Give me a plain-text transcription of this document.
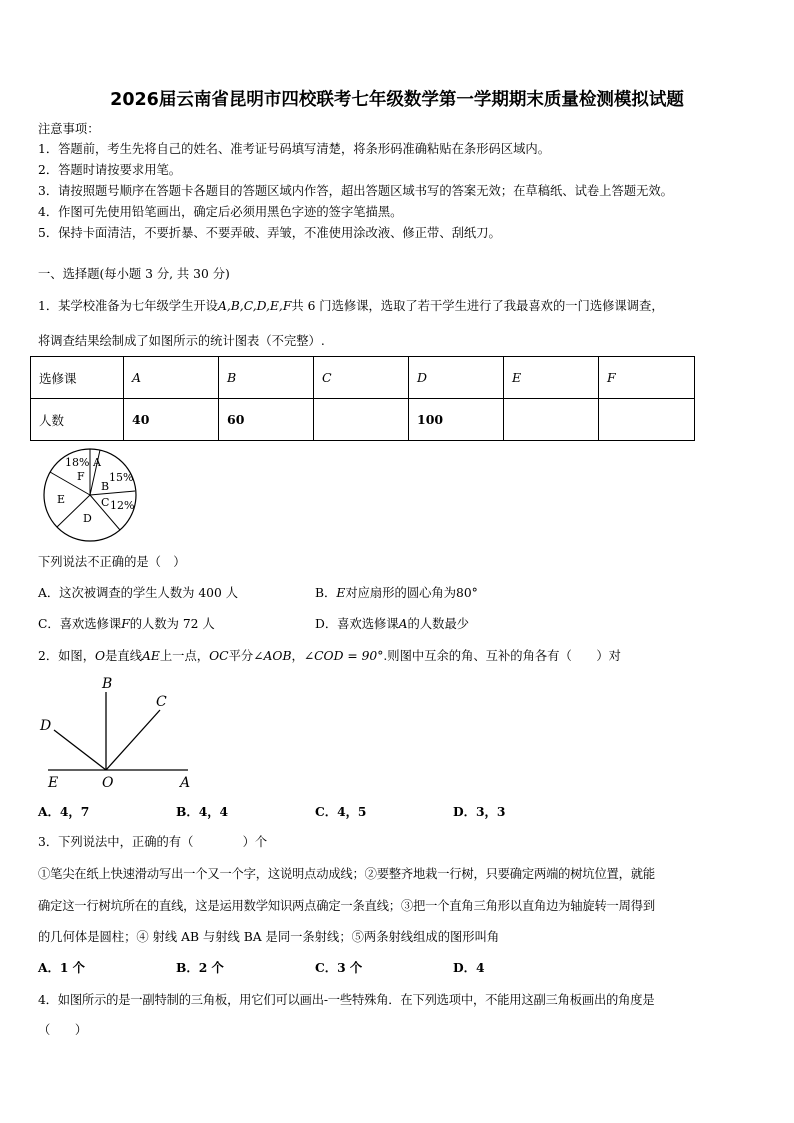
2026届云南省昆明市四校联考七年级数学第一学期期末质量检测模拟试题
注意事项：
1．答题前，考生先将自己的姓名、准考证号码填写清楚，将条形码准确粘贴在条形码区域内。
2．答题时请按要求用笔。
3．请按照题号顺序在答题卡各题目的答题区域内作答，超出答题区域书写的答案无效；在草稿纸、试卷上答题无效。
4．作图可先使用铅笔画出，确定后必须用黑色字迹的签字笔描黑。
5．保持卡面清洁，不要折暴、不要弄破、弄皱，不准使用涂改液、修正带、刮纸刀。
一、选择题(每小题 3 分, 共 30 分)
1．某学校准备为七年级学生开设A,B,C,D,E,F共 6 门选修课，选取了若干学生进行了我最喜欢的一门选修课调查，
将调查结果绘制成了如图所示的统计图表（不完整）.
选修课	A	B	C	D	E	F
人数	40	60		100		
18% A
F 15%
B
E	C 12%
D
下列说法不正确的是（　）
A．这次被调查的学生人数为 400 人	B．E对应扇形的圆心角为80°
C．喜欢选修课F的人数为 72 人	D．喜欢选修课A的人数最少
2．如图，O是直线AE上一点，OC平分∠AOB，∠COD = 90°.则图中互余的角、互补的角各有（　　）对
B
C
D
E	O	A
A．4，7	B．4，4	C．4，5	D．3，3
3．下列说法中，正确的有（　　　　）个
①笔尖在纸上快速滑动写出一个又一个字，这说明点动成线；②要整齐地栽一行树，只要确定两端的树坑位置，就能
确定这一行树坑所在的直线，这是运用数学知识两点确定一条直线；③把一个直角三角形以直角边为轴旋转一周得到
的几何体是圆柱；④ 射线 AB 与射线 BA 是同一条射线；⑤两条射线组成的图形叫角
A．1 个	B．2 个	C．3 个	D．4
4．如图所示的是一副特制的三角板，用它们可以画出-一些特殊角．在下列选项中，不能用这副三角板画出的角度是
（　　）
